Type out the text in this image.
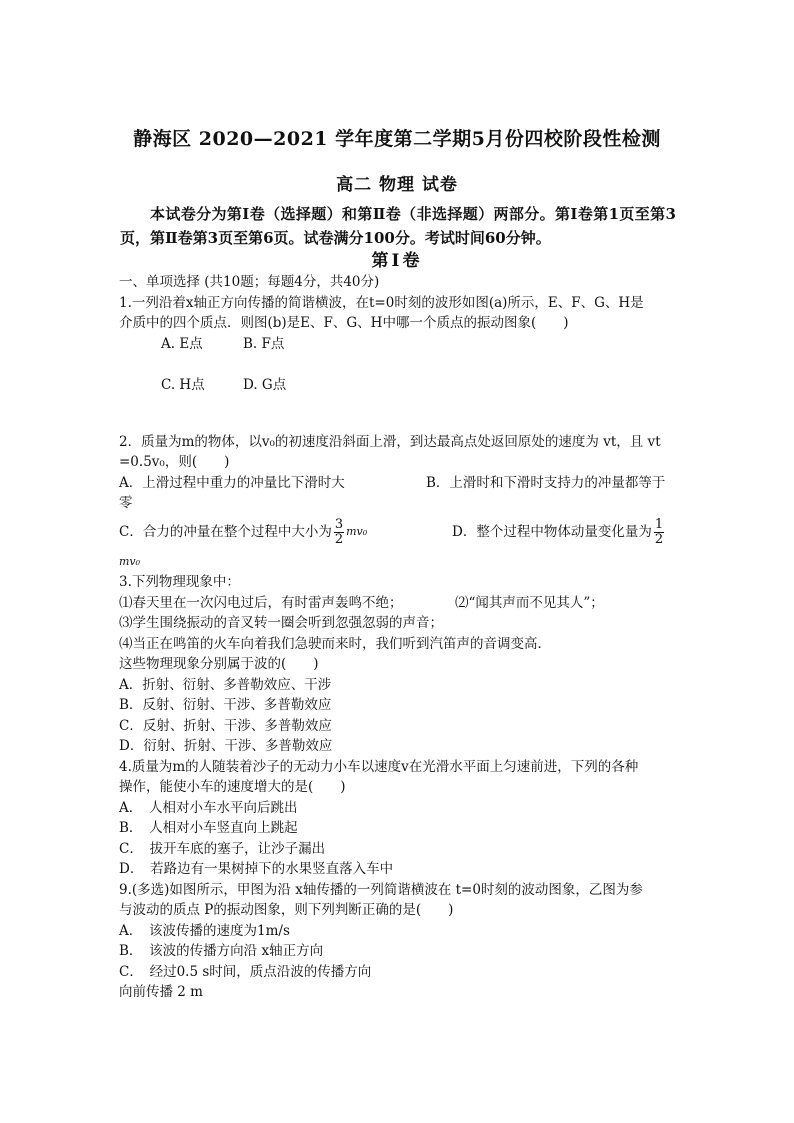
静海区 2020—2021 学年度第二学期5月份四校阶段性检测
高二 物理 试卷
本试卷分为第Ⅰ卷（选择题）和第Ⅱ卷（非选择题）两部分。第Ⅰ卷第1页至第3页，第Ⅱ卷第3页至第6页。试卷满分100分。考试时间60分钟。
第Ⅰ卷
一、单项选择 (共10题；每题4分，共40分)
1.一列沿着x轴正方向传播的简谐横波，在t=0时刻的波形如图(a)所示，E、F、G、H是
介质中的四个质点．则图(b)是E、F、G、H中哪一个质点的振动图象(　　)
A. E点	B. F点
C. H点	D. G点
2．质量为m的物体，以v₀的初速度沿斜面上滑，到达最高点处返回原处的速度为 vt，且 vt
=0.5v₀，则(　　)
A．上滑过程中重力的冲量比下滑时大	B．上滑时和下滑时支持力的冲量都等于
零
C．合力的冲量在整个过程中大小为 $\frac{3}{2} mv_0$	D．整个过程中物体动量变化量为 $\frac{1}{2}$
mv₀
3.下列物理现象中：
⑴春天里在一次闪电过后，有时雷声轰鸣不绝；	⑵“闻其声而不见其人”；
⑶学生围绕振动的音叉转一圈会听到忽强忽弱的声音；
⑷当正在鸣笛的火车向着我们急驶而来时，我们听到汽笛声的音调变高．
这些物理现象分别属于波的(　　)
A．折射、衍射、多普勒效应、干涉
B．反射、衍射、干涉、多普勒效应
C．反射、折射、干涉、多普勒效应
D．衍射、折射、干涉、多普勒效应
4.质量为m的人随装着沙子的无动力小车以速度v在光滑水平面上匀速前进，下列的各种
操作，能使小车的速度增大的是(　　)
A．　人相对小车水平向后跳出
B．　人相对小车竖直向上跳起
C．　拔开车底的塞子，让沙子漏出
D．　若路边有一果树掉下的水果竖直落入车中
9.(多选)如图所示，甲图为沿 x轴传播的一列简谐横波在 t=0时刻的波动图象，乙图为参
与波动的质点 P的振动图象，则下列判断正确的是(　　)
A．　该波传播的速度为1m/s
B．　该波的传播方向沿 x轴正方向
C．　经过0.5 s时间，质点沿波的传播方向
向前传播 2 m
